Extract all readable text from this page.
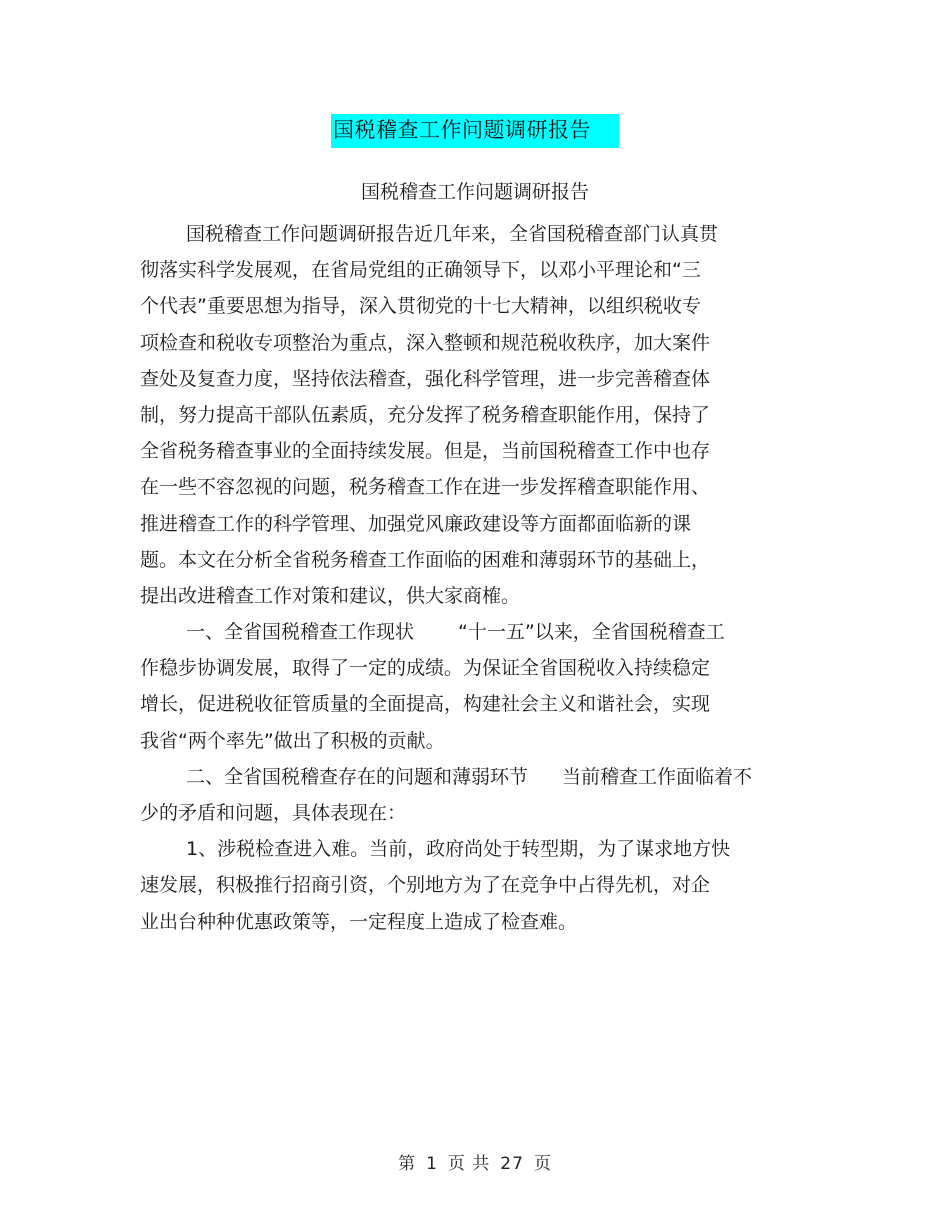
国税稽查工作问题调研报告
国税稽查工作问题调研报告
国税稽查工作问题调研报告近几年来，全省国税稽查部门认真贯
彻落实科学发展观，在省局党组的正确领导下，以邓小平理论和“三
个代表”重要思想为指导，深入贯彻党的十七大精神，以组织税收专
项检查和税收专项整治为重点，深入整顿和规范税收秩序，加大案件
查处及复查力度，坚持依法稽查，强化科学管理，进一步完善稽查体
制，努力提高干部队伍素质，充分发挥了税务稽查职能作用，保持了
全省税务稽查事业的全面持续发展。但是，当前国税稽查工作中也存
在一些不容忽视的问题，税务稽查工作在进一步发挥稽查职能作用、
推进稽查工作的科学管理、加强党风廉政建设等方面都面临新的课
题。本文在分析全省税务稽查工作面临的困难和薄弱环节的基础上，
提出改进稽查工作对策和建议，供大家商榷。
一、全省国税稽查工作现状 “十一五”以来，全省国税稽查工
作稳步协调发展，取得了一定的成绩。为保证全省国税收入持续稳定
增长，促进税收征管质量的全面提高，构建社会主义和谐社会，实现
我省“两个率先”做出了积极的贡献。
二、全省国税稽查存在的问题和薄弱环节 当前稽查工作面临着不
少的矛盾和问题，具体表现在：
1、涉税检查进入难。当前，政府尚处于转型期，为了谋求地方快
速发展，积极推行招商引资，个别地方为了在竞争中占得先机，对企
业出台种种优惠政策等，一定程度上造成了检查难。
第 1 页 共 27 页
